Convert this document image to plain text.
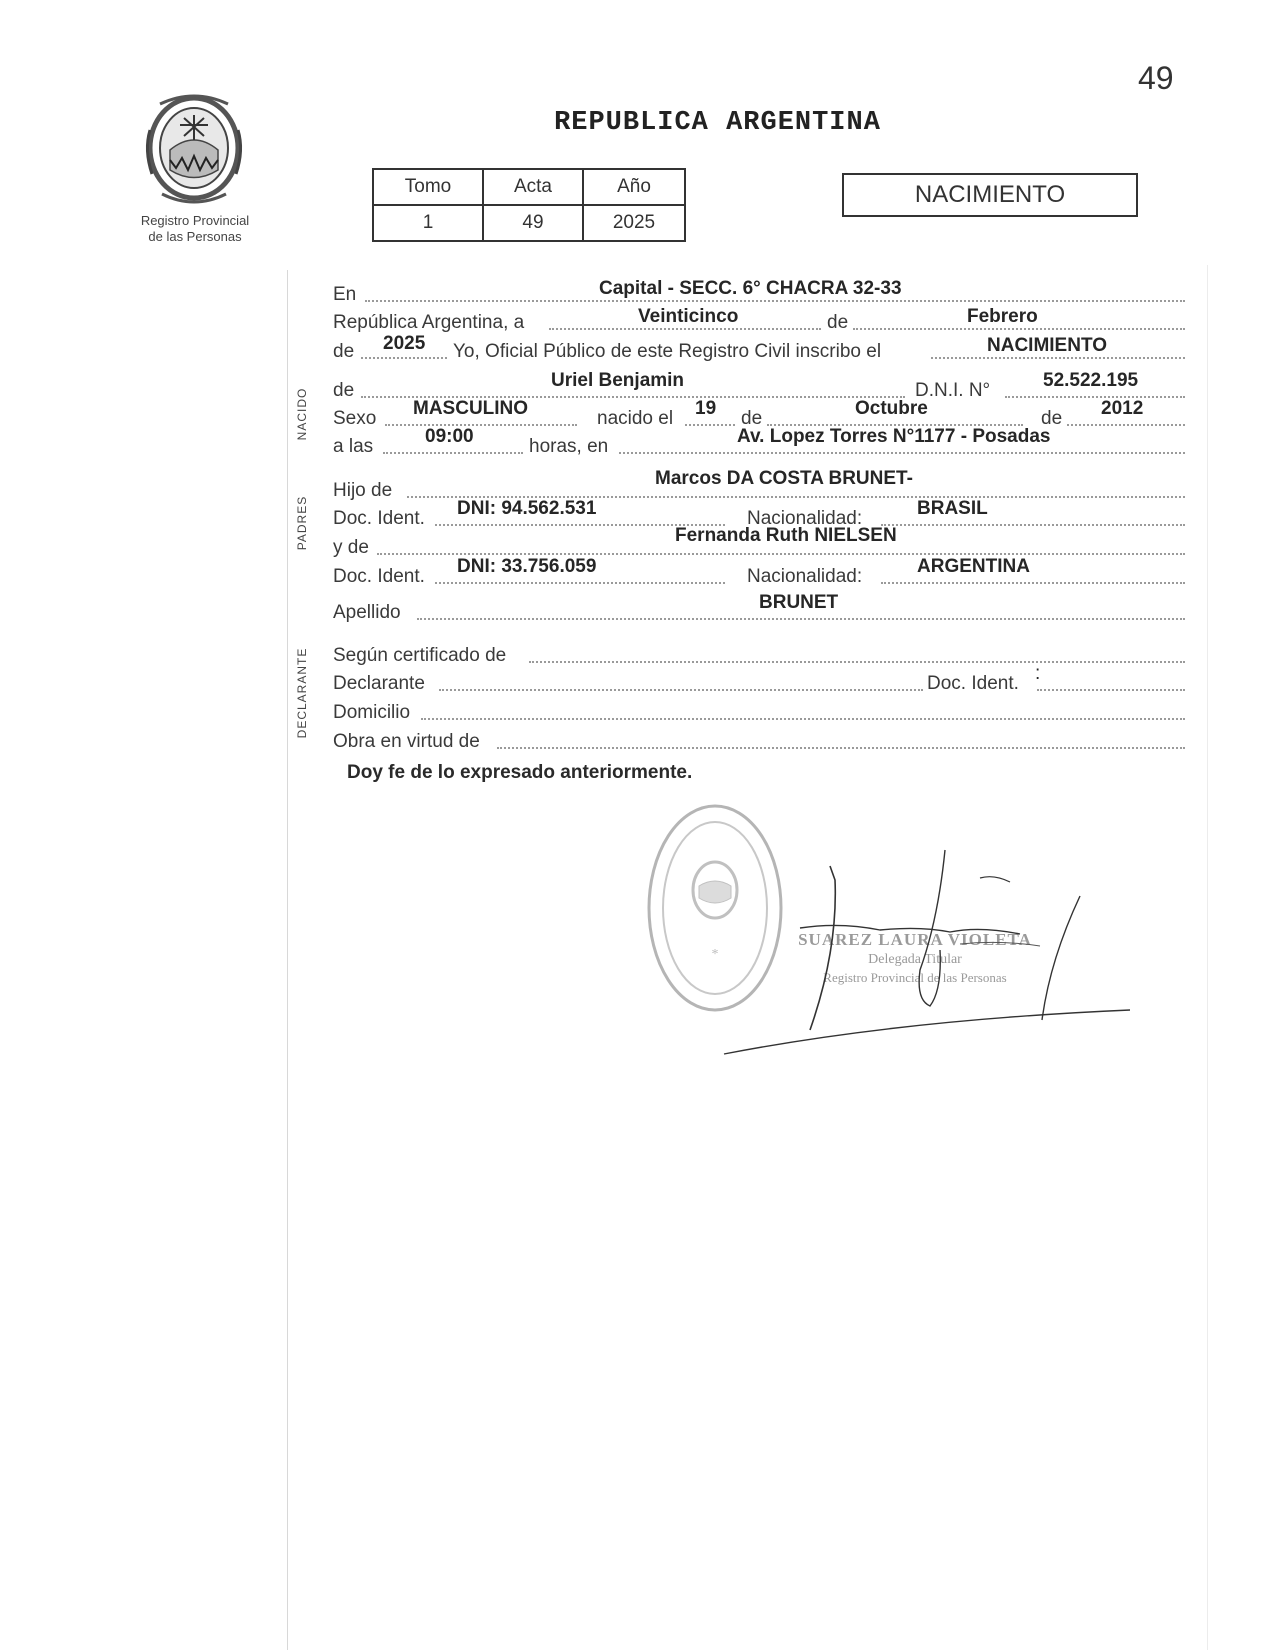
49
Registro Provincial
de las Personas
REPUBLICA ARGENTINA
Tomo	Acta	Año
1	49	2025
NACIMIENTO
NACIDO
PADRES
DECLARANTE
En	Capital - SECC. 6° CHACRA 32-33
República Argentina, a	Veinticinco	de	Febrero
de 2025 Yo, Oficial Público de este Registro Civil inscribo el	NACIMIENTO
de	Uriel Benjamin	D.N.I. N°	52.522.195
Sexo MASCULINO	nacido el 19 de	Octubre	de 2012
a las	09:00	horas, en	Av. Lopez Torres N°1177 - Posadas
Hijo de
Marcos DA COSTA BRUNET-
Doc. Ident. DNI: 94.562.531	Nacionalidad:	BRASIL
y de
Fernanda Ruth NIELSEN
Doc. Ident. DNI: 33.756.059	Nacionalidad:	ARGENTINA
Apellido	BRUNET
Según certificado de
Declarante	Doc. Ident. :
Domicilio
Obra en virtud de
Doy fe de lo expresado anteriormente.
*
SUAREZ LAURA VIOLETA
Delegada Titular
Registro Provincial de las Personas
